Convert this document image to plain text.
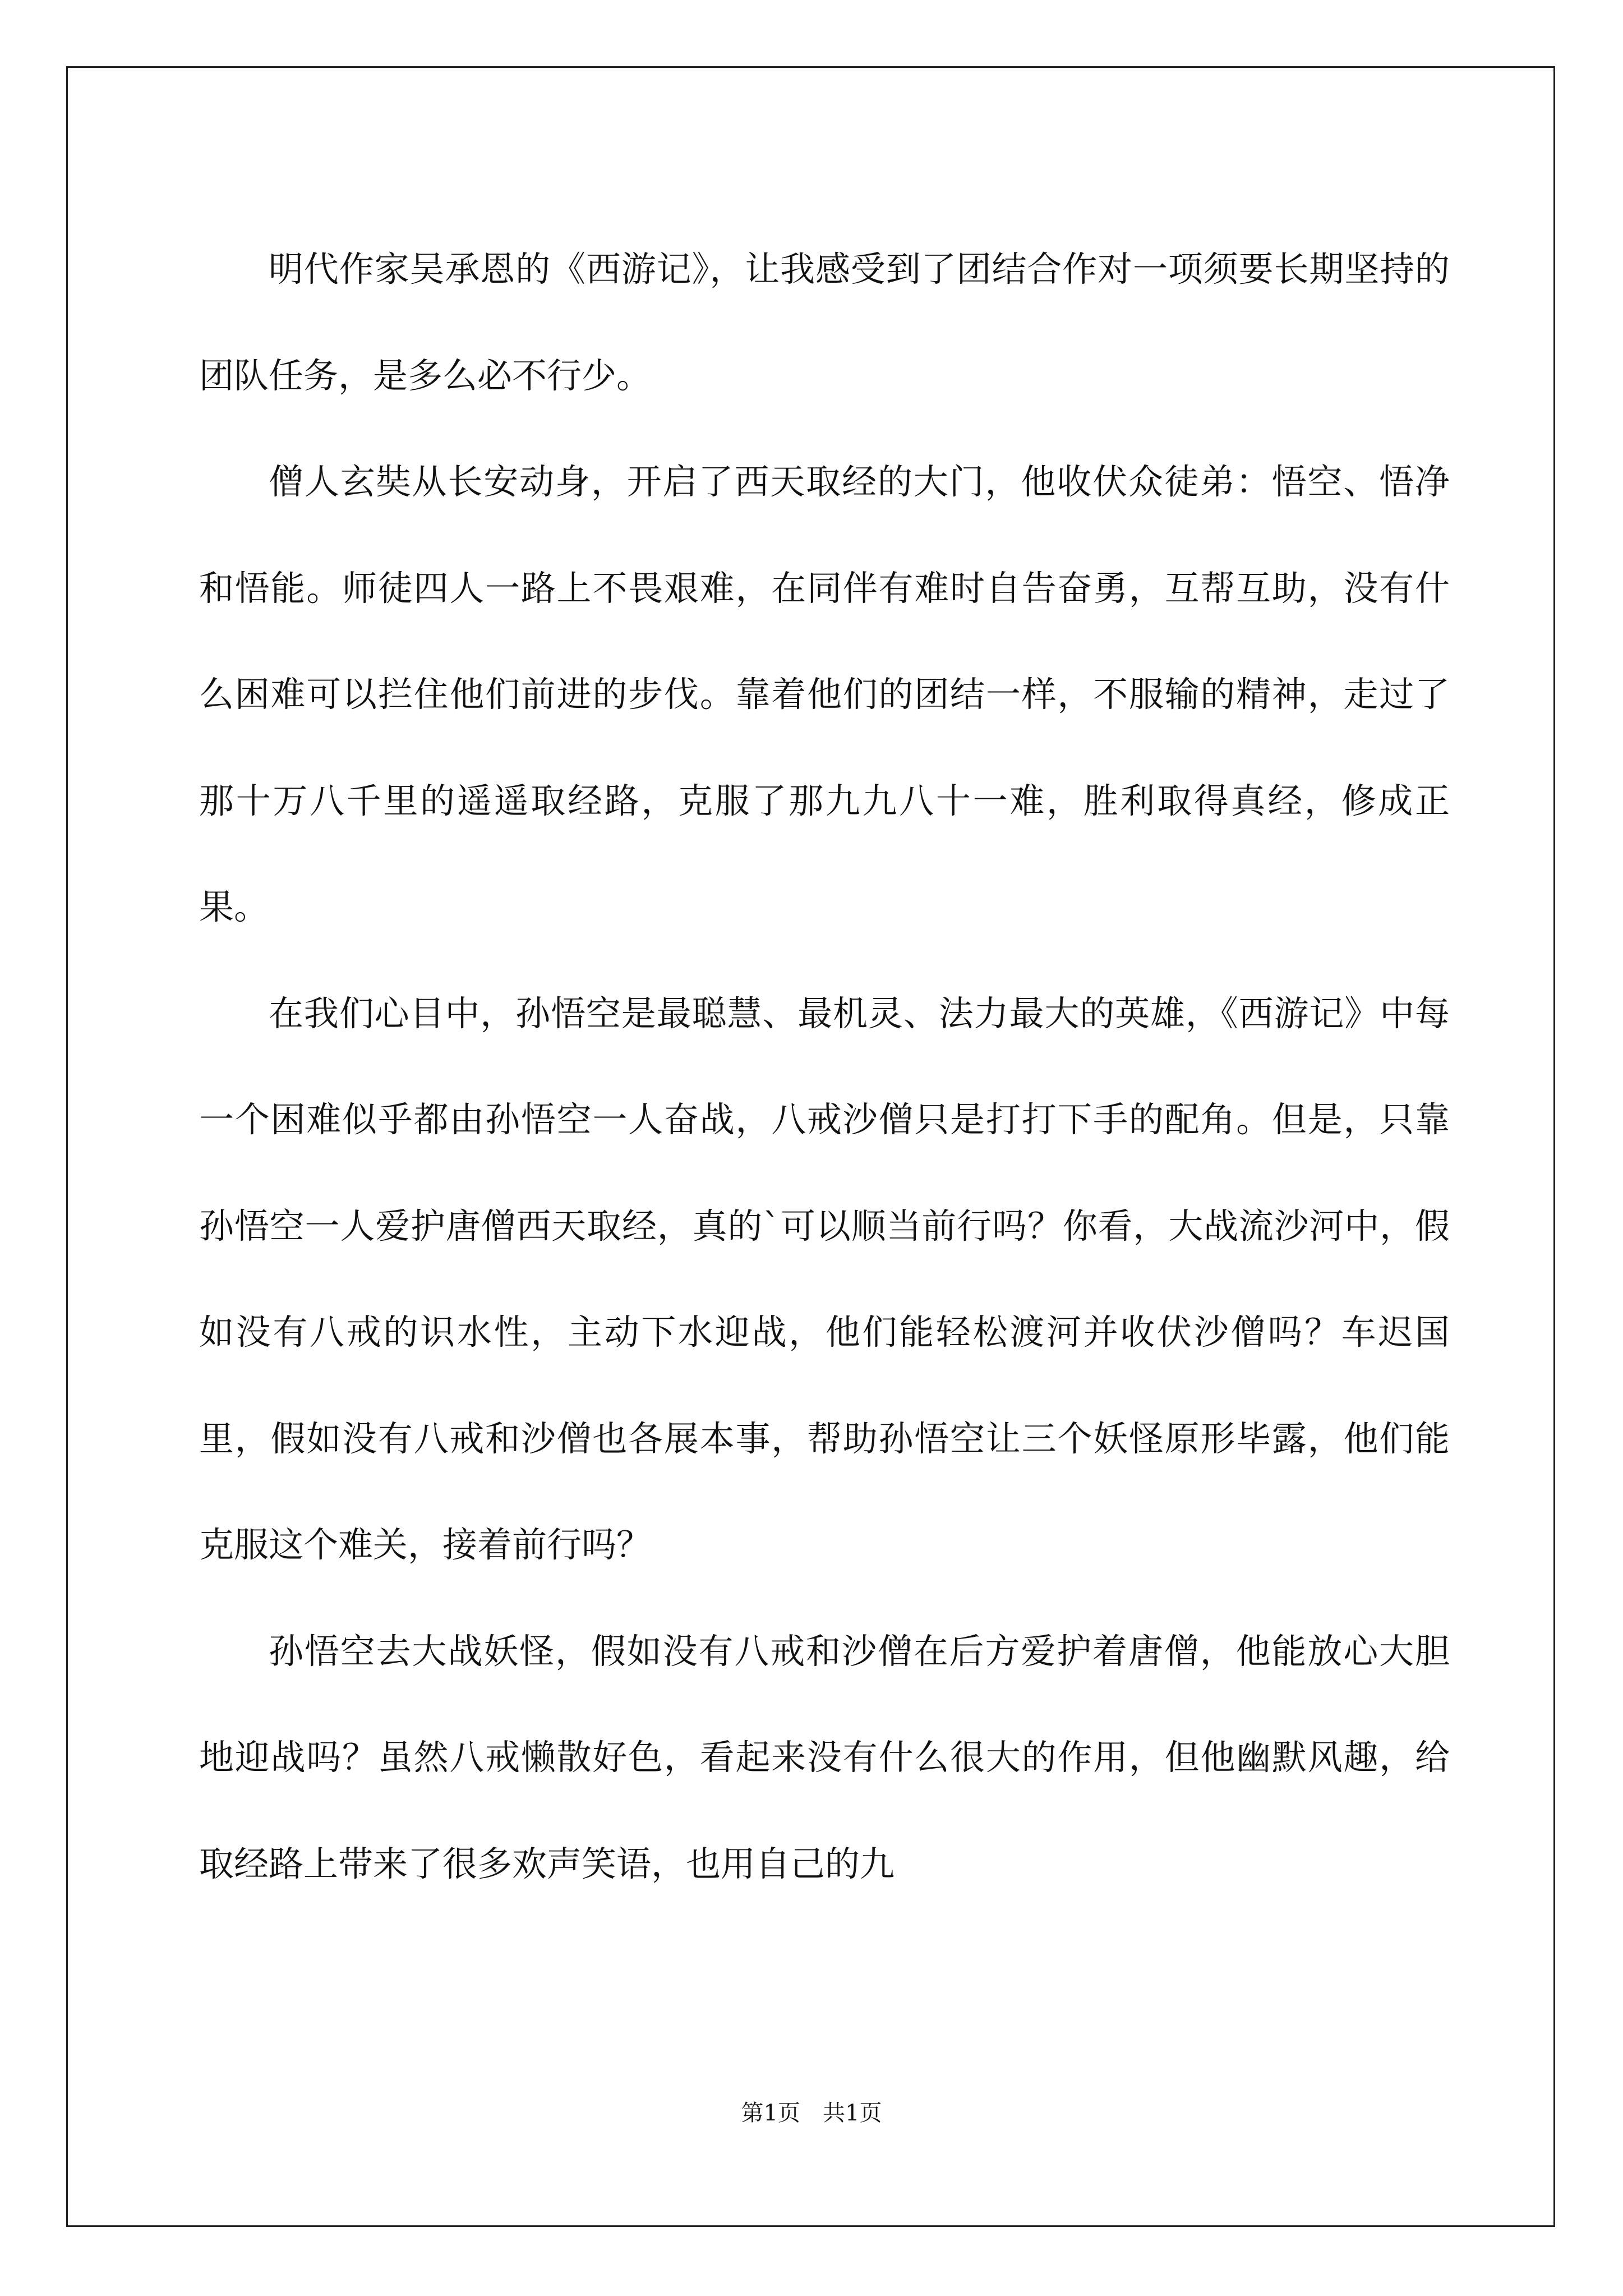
明代作家吴承恩的《西游记》，让我感受到了团结合作对一项须要长期坚持的团队任务，是多么必不行少。

僧人玄奘从长安动身，开启了西天取经的大门，他收伏众徒弟：悟空、悟净和悟能。师徒四人一路上不畏艰难，在同伴有难时自告奋勇，互帮互助，没有什么困难可以拦住他们前进的步伐。靠着他们的团结一样，不服输的精神，走过了那十万八千里的遥遥取经路，克服了那九九八十一难，胜利取得真经，修成正果。

在我们心目中，孙悟空是最聪慧、最机灵、法力最大的英雄，《西游记》中每一个困难似乎都由孙悟空一人奋战，八戒沙僧只是打打下手的配角。但是，只靠孙悟空一人爱护唐僧西天取经，真的`可以顺当前行吗？你看，大战流沙河中，假如没有八戒的识水性，主动下水迎战，他们能轻松渡河并收伏沙僧吗？车迟国里，假如没有八戒和沙僧也各展本事，帮助孙悟空让三个妖怪原形毕露，他们能克服这个难关，接着前行吗？

孙悟空去大战妖怪，假如没有八戒和沙僧在后方爱护着唐僧，他能放心大胆地迎战吗？虽然八戒懒散好色，看起来没有什么很大的作用，但他幽默风趣，给取经路上带来了很多欢声笑语，也用自己的九

第1页 共1页
